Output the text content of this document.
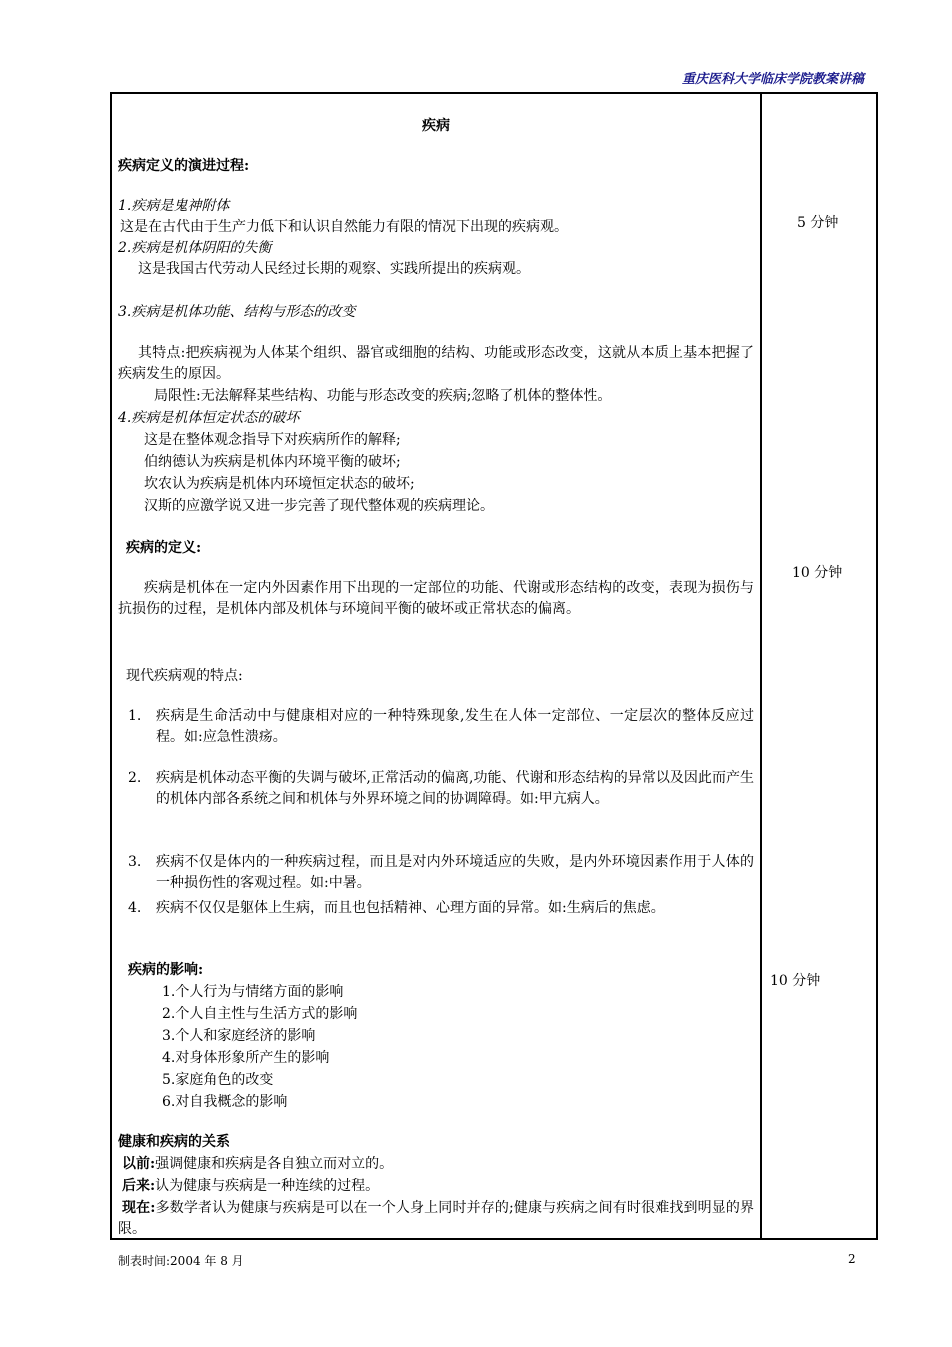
重庆医科大学临床学院教案讲稿
疾病
疾病定义的演进过程:
1.疾病是鬼神附体
这是在古代由于生产力低下和认识自然能力有限的情况下出现的疾病观。
2.疾病是机体阴阳的失衡
这是我国古代劳动人民经过长期的观察、实践所提出的疾病观。
3.疾病是机体功能、结构与形态的改变
其特点:把疾病视为人体某个组织、器官或细胞的结构、功能或形态改变，这就从本质上基本把握了疾病发生的原因。
局限性:无法解释某些结构、功能与形态改变的疾病;忽略了机体的整体性。
4.疾病是机体恒定状态的破坏
这是在整体观念指导下对疾病所作的解释;
伯纳德认为疾病是机体内环境平衡的破坏;
坎农认为疾病是机体内环境恒定状态的破坏;
汉斯的应激学说又进一步完善了现代整体观的疾病理论。
疾病的定义:
疾病是机体在一定内外因素作用下出现的一定部位的功能、代谢或形态结构的改变，表现为损伤与抗损伤的过程，是机体内部及机体与环境间平衡的破坏或正常状态的偏离。
现代疾病观的特点:
1. 疾病是生命活动中与健康相对应的一种特殊现象,发生在人体一定部位、一定层次的整体反应过程。如:应急性溃疡。
2. 疾病是机体动态平衡的失调与破坏,正常活动的偏离,功能、代谢和形态结构的异常以及因此而产生的机体内部各系统之间和机体与外界环境之间的协调障碍。如:甲亢病人。
3. 疾病不仅是体内的一种疾病过程，而且是对内外环境适应的失败，是内外环境因素作用于人体的一种损伤性的客观过程。如:中暑。
4. 疾病不仅仅是躯体上生病，而且也包括精神、心理方面的异常。如:生病后的焦虑。
疾病的影响:
1.个人行为与情绪方面的影响
2.个人自主性与生活方式的影响
3.个人和家庭经济的影响
4.对身体形象所产生的影响
5.家庭角色的改变
6.对自我概念的影响
健康和疾病的关系
以前:强调健康和疾病是各自独立而对立的。
后来:认为健康与疾病是一种连续的过程。
现在:多数学者认为健康与疾病是可以在一个人身上同时并存的;健康与疾病之间有时很难找到明显的界限。
5 分钟
10 分钟
10 分钟
制表时间:2004 年 8 月	2
